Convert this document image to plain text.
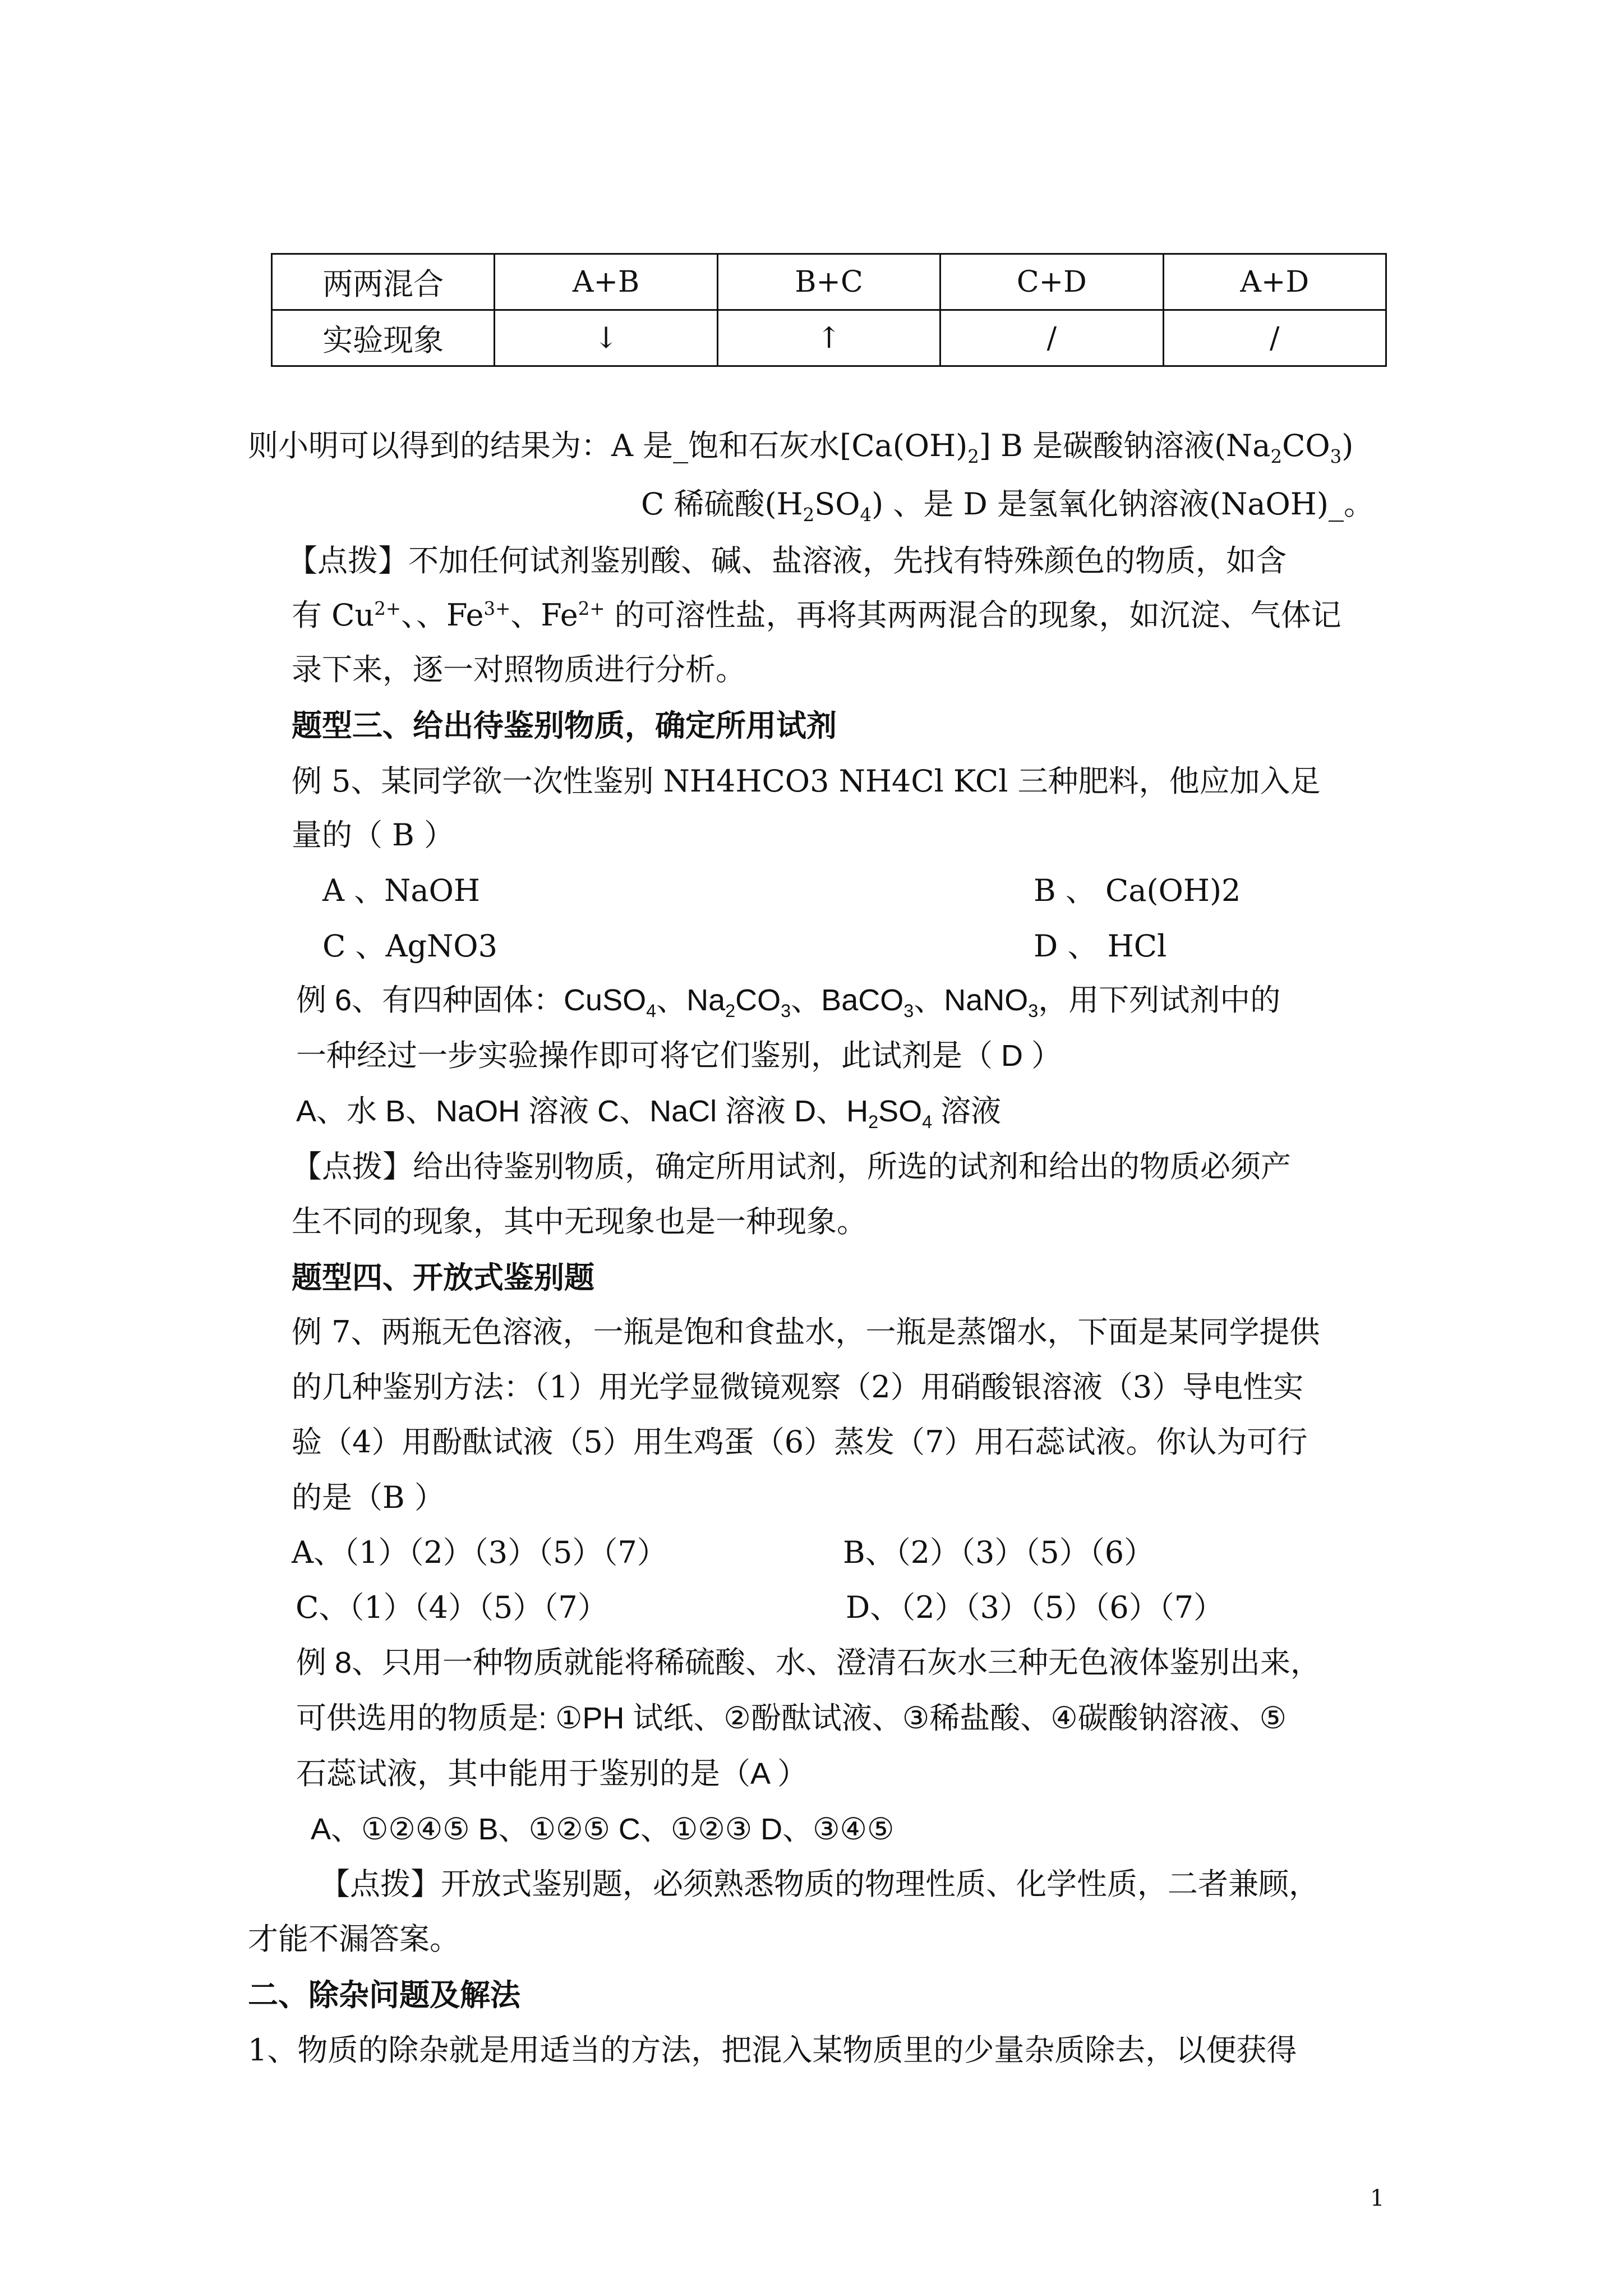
两两混合	A+B	B+C	C+D	A+D
实验现象	↓	↑	/	/
则小明可以得到的结果为：A 是_饱和石灰水$[Ca(OH)_2]$ B 是碳酸钠溶液$(Na_2CO_3)$
C 稀硫酸$(H_2SO_4)$ 、是 D 是氢氧化钠溶液(NaOH)_。
【点拨】不加任何试剂鉴别酸、碱、盐溶液，先找有特殊颜色的物质，如含
有 $Cu^{2+}$、、$Fe^{3+}$、$Fe^{2+}$ 的可溶性盐，再将其两两混合的现象，如沉淀、气体记
录下来，逐一对照物质进行分析。
题型三、给出待鉴别物质，确定所用试剂
例 5、某同学欲一次性鉴别 NH4HCO3 NH4Cl KCl 三种肥料，他应加入足
量的（ B ）
A 、NaOH	B 、 Ca(OH)2
C 、AgNO3	D 、 HCl
例 6、有四种固体：CuSO$_4$、$Na_2CO_3$、BaCO$_3$、NaNO$_3$，用下列试剂中的
一种经过一步实验操作即可将它们鉴别，此试剂是（ D ）
A、水 B、NaOH 溶液 C、NaCl 溶液 D、$H_2SO_4$ 溶液
【点拨】给出待鉴别物质，确定所用试剂，所选的试剂和给出的物质必须产
生不同的现象，其中无现象也是一种现象。
题型四、开放式鉴别题
例 7、两瓶无色溶液，一瓶是饱和食盐水，一瓶是蒸馏水，下面是某同学提供
的几种鉴别方法：（1）用光学显微镜观察（2）用硝酸银溶液（3）导电性实
验（4）用酚酞试液（5）用生鸡蛋（6）蒸发（7）用石蕊试液。你认为可行
的是（B ）
A、（1）（2）（3）（5）（7）	B、（2）（3）（5）（6）
C、（1）（4）（5）（7）	D、（2）（3）（5）（6）（7）
例 8、只用一种物质就能将稀硫酸、水、澄清石灰水三种无色液体鉴别出来，
可供选用的物质是: ①PH 试纸、②酚酞试液、③稀盐酸、④碳酸钠溶液、⑤
石蕊试液，其中能用于鉴别的是（A ）
A、①②④⑤ B、①②⑤ C、①②③ D、③④⑤
【点拨】开放式鉴别题，必须熟悉物质的物理性质、化学性质，二者兼顾，
才能不漏答案。
二、除杂问题及解法
1、物质的除杂就是用适当的方法，把混入某物质里的少量杂质除去，以便获得
1
